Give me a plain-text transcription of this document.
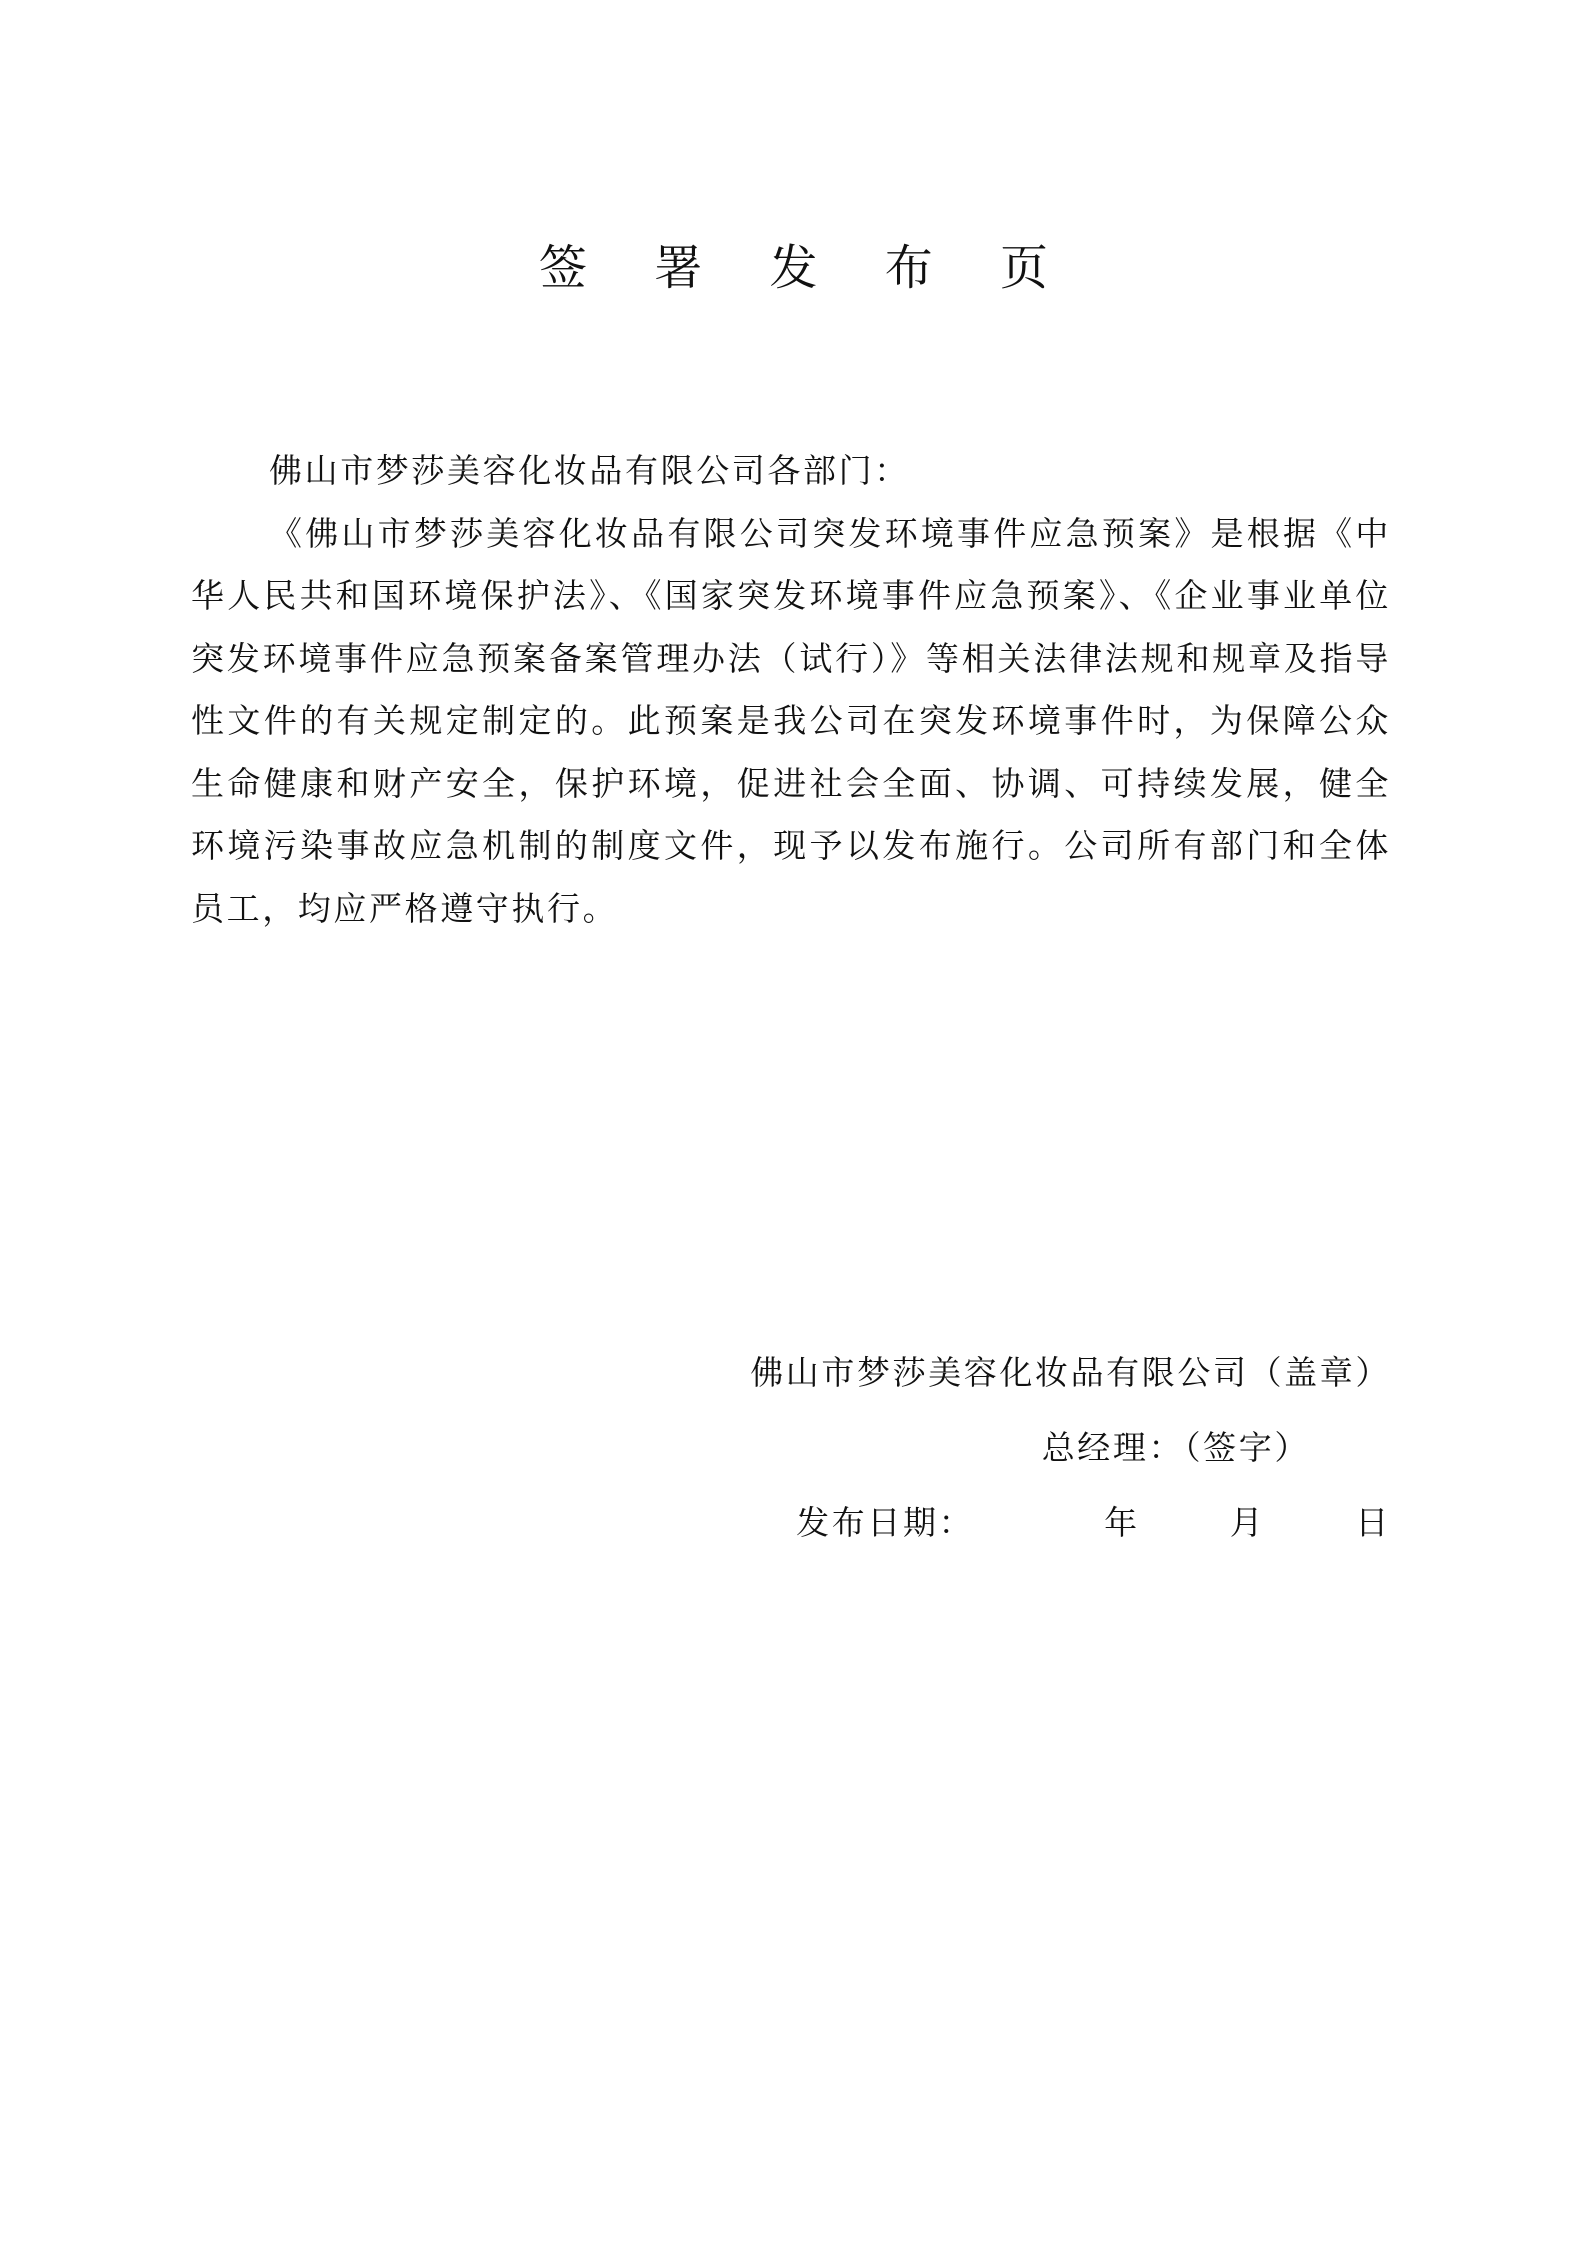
签 署 发 布 页

佛山市梦莎美容化妆品有限公司各部门：

《佛山市梦莎美容化妆品有限公司突发环境事件应急预案》是根据《中华人民共和国环境保护法》、《国家突发环境事件应急预案》、《企业事业单位突发环境事件应急预案备案管理办法（试行）》等相关法律法规和规章及指导性文件的有关规定制定的。此预案是我公司在突发环境事件时，为保障公众生命健康和财产安全，保护环境，促进社会全面、协调、可持续发展，健全环境污染事故应急机制的制度文件，现予以发布施行。公司所有部门和全体员工，均应严格遵守执行。

佛山市梦莎美容化妆品有限公司（盖章）
总经理：（签字）
发布日期：	年	月	日
